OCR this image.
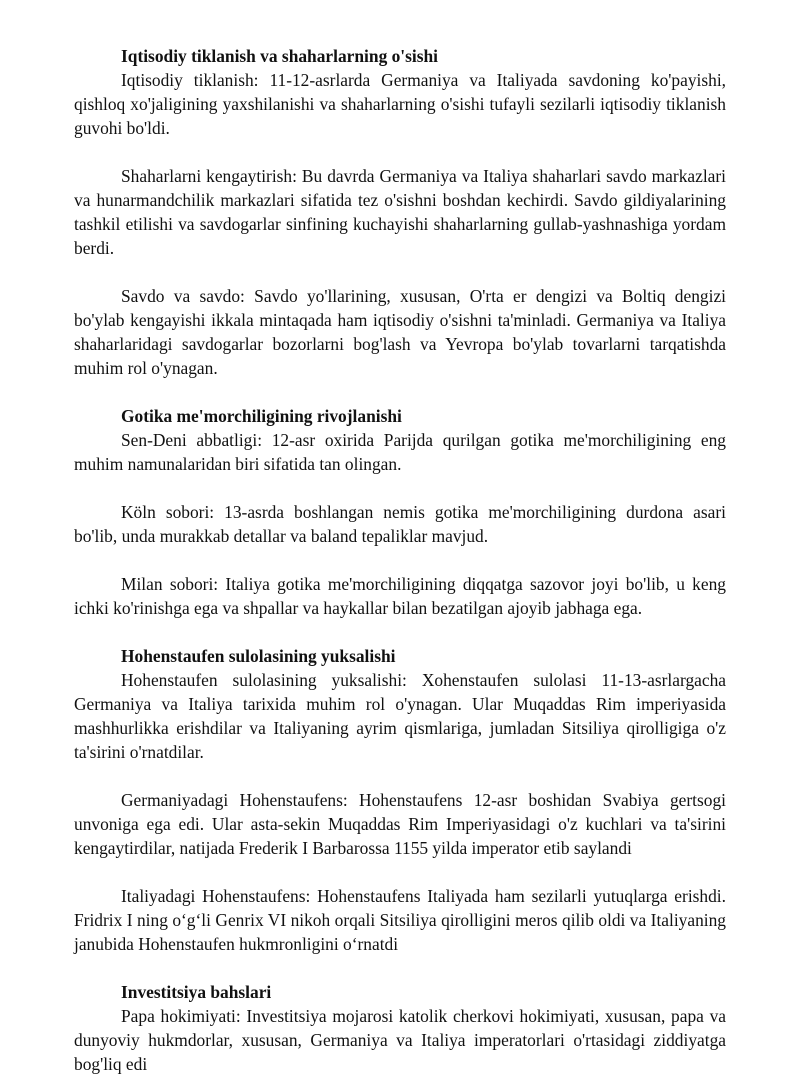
Iqtisodiy tiklanish va shaharlarning o'sishi

Iqtisodiy tiklanish: 11-12-asrlarda Germaniya va Italiyada savdoning ko'payishi, qishloq xo'jaligining yaxshilanishi va shaharlarning o'sishi tufayli sezilarli iqtisodiy tiklanish guvohi bo'ldi.

Shaharlarni kengaytirish: Bu davrda Germaniya va Italiya shaharlari savdo markazlari va hunarmandchilik markazlari sifatida tez o'sishni boshdan kechirdi. Savdo gildiyalarining tashkil etilishi va savdogarlar sinfining kuchayishi shaharlarning gullab-yashnashiga yordam berdi.

Savdo va savdo: Savdo yo'llarining, xususan, O'rta er dengizi va Boltiq dengizi bo'ylab kengayishi ikkala mintaqada ham iqtisodiy o'sishni ta'minladi. Germaniya va Italiya shaharlaridagi savdogarlar bozorlarni bog'lash va Yevropa bo'ylab tovarlarni tarqatishda muhim rol o'ynagan.

Gotika me'morchiligining rivojlanishi

Sen-Deni abbatligi: 12-asr oxirida Parijda qurilgan gotika me'morchiligining eng muhim namunalaridan biri sifatida tan olingan.

Köln sobori: 13-asrda boshlangan nemis gotika me'morchiligining durdona asari bo'lib, unda murakkab detallar va baland tepaliklar mavjud.

Milan sobori: Italiya gotika me'morchiligining diqqatga sazovor joyi bo'lib, u keng ichki ko'rinishga ega va shpallar va haykallar bilan bezatilgan ajoyib jabhaga ega.

Hohenstaufen sulolasining yuksalishi

Hohenstaufen sulolasining yuksalishi: Xohenstaufen sulolasi 11-13-asrlargacha Germaniya va Italiya tarixida muhim rol o'ynagan. Ular Muqaddas Rim imperiyasida mashhurlikka erishdilar va Italiyaning ayrim qismlariga, jumladan Sitsiliya qirolligiga o'z ta'sirini o'rnatdilar.

Germaniyadagi Hohenstaufens: Hohenstaufens 12-asr boshidan Svabiya gertsogi unvoniga ega edi. Ular asta-sekin Muqaddas Rim Imperiyasidagi o'z kuchlari va ta'sirini kengaytirdilar, natijada Frederik I Barbarossa 1155 yilda imperator etib saylandi

Italiyadagi Hohenstaufens: Hohenstaufens Italiyada ham sezilarli yutuqlarga erishdi. Fridrix I ning o‘g‘li Genrix VI nikoh orqali Sitsiliya qirolligini meros qilib oldi va Italiyaning janubida Hohenstaufen hukmronligini o‘rnatdi

Investitsiya bahslari

Papa hokimiyati: Investitsiya mojarosi katolik cherkovi hokimiyati, xususan, papa va dunyoviy hukmdorlar, xususan, Germaniya va Italiya imperatorlari o'rtasidagi ziddiyatga bog'liq edi
